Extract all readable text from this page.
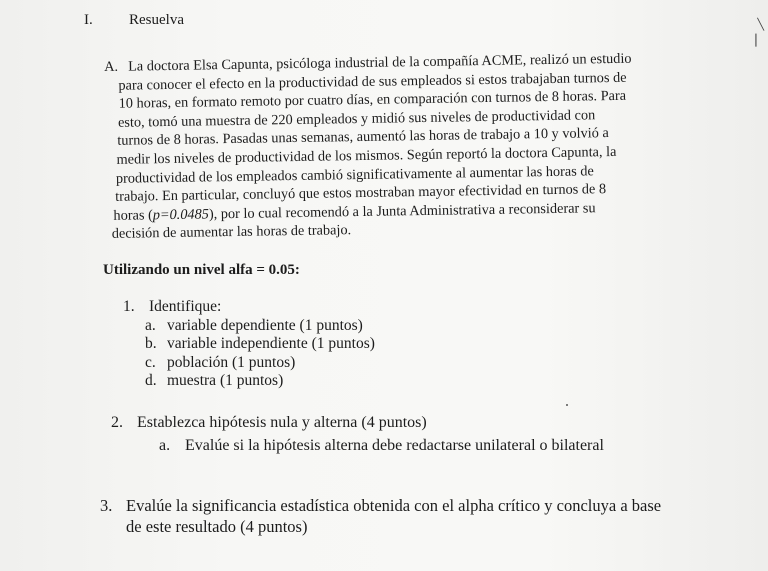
╲
▏
I. Resuelva
A. La doctora Elsa Capunta, psicóloga industrial de la compañía ACME, realizó un estudio
para conocer el efecto en la productividad de sus empleados si estos trabajaban turnos de
10 horas, en formato remoto por cuatro días, en comparación con turnos de 8 horas. Para
esto, tomó una muestra de 220 empleados y midió sus niveles de productividad con
turnos de 8 horas. Pasadas unas semanas, aumentó las horas de trabajo a 10 y volvió a
medir los niveles de productividad de los mismos. Según reportó la doctora Capunta, la
productividad de los empleados cambió significativamente al aumentar las horas de
trabajo. En particular, concluyó que estos mostraban mayor efectividad en turnos de 8
horas (p=0.0485), por lo cual recomendó a la Junta Administrativa a reconsiderar su
decisión de aumentar las horas de trabajo.
Utilizando un nivel alfa = 0.05:
1. Identifique:
a. variable dependiente (1 puntos)
b. variable independiente (1 puntos)
c. población (1 puntos)
d. muestra (1 puntos)
2. Establezca hipótesis nula y alterna (4 puntos)
a. Evalúe si la hipótesis alterna debe redactarse unilateral o bilateral
3. Evalúe la significancia estadística obtenida con el alpha crítico y concluya a base
de este resultado (4 puntos)
